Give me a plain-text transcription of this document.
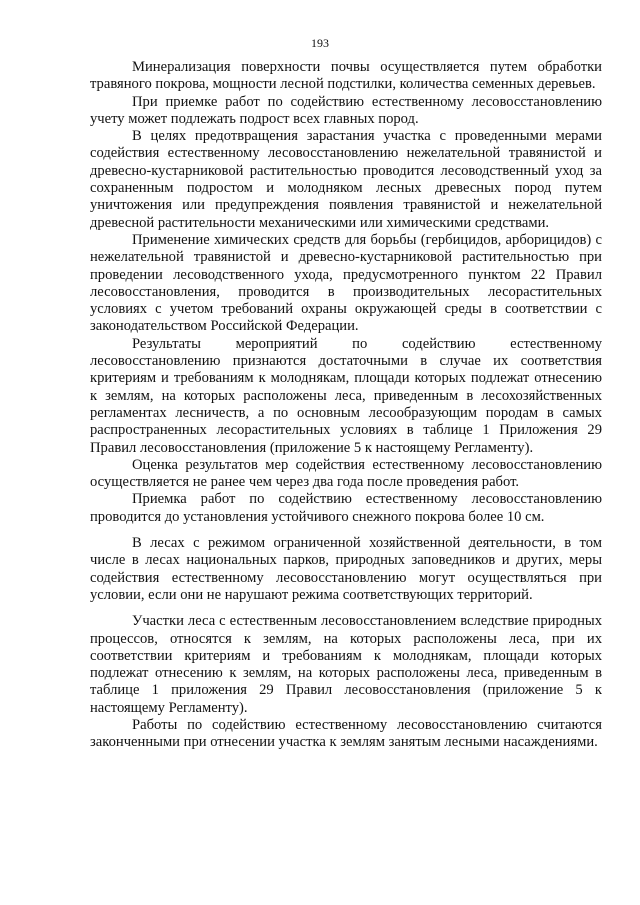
193

Минерализация поверхности почвы осуществляется путем обработки травяного покрова, мощности лесной подстилки, количества семенных деревьев.

При приемке работ по содействию естественному лесовосстановлению учету может подлежать подрост всех главных пород.

В целях предотвращения зарастания участка с проведенными мерами содействия естественному лесовосстановлению нежелательной травянистой и древесно-кустарниковой растительностью проводится лесоводственный уход за сохраненным подростом и молодняком лесных древесных пород путем уничтожения или предупреждения появления травянистой и нежелательной древесной растительности механическими или химическими средствами.

Применение химических средств для борьбы (гербицидов, арборицидов) с нежелательной травянистой и древесно-кустарниковой растительностью при проведении лесоводственного ухода, предусмотренного пунктом 22 Правил лесовосстановления, проводится в производительных лесорастительных условиях с учетом требований охраны окружающей среды в соответствии с законодательством Российской Федерации.

Результаты мероприятий по содействию естественному лесовосстановлению признаются достаточными в случае их соответствия критериям и требованиям к молоднякам, площади которых подлежат отнесению к землям, на которых расположены леса, приведенным в лесохозяйственных регламентах лесничеств, а по основным лесообразующим породам в самых распространенных лесорастительных условиях в таблице 1 Приложения 29 Правил лесовосстановления (приложение 5 к настоящему Регламенту).

Оценка результатов мер содействия естественному лесовосстановлению осуществляется не ранее чем через два года после проведения работ.

Приемка работ по содействию естественному лесовосстановлению проводится до установления устойчивого снежного покрова более 10 см.

В лесах с режимом ограниченной хозяйственной деятельности, в том числе в лесах национальных парков, природных заповедников и других, меры содействия естественному лесовосстановлению могут осуществляться при условии, если они не нарушают режима соответствующих территорий.

Участки леса с естественным лесовосстановлением вследствие природных процессов, относятся к землям, на которых расположены леса, при их соответствии критериям и требованиям к молоднякам, площади которых подлежат отнесению к землям, на которых расположены леса, приведенным в таблице 1 приложения 29 Правил лесовосстановления (приложение 5 к настоящему Регламенту).

Работы по содействию естественному лесовосстановлению считаются законченными при отнесении участка к землям занятым лесными насаждениями.
